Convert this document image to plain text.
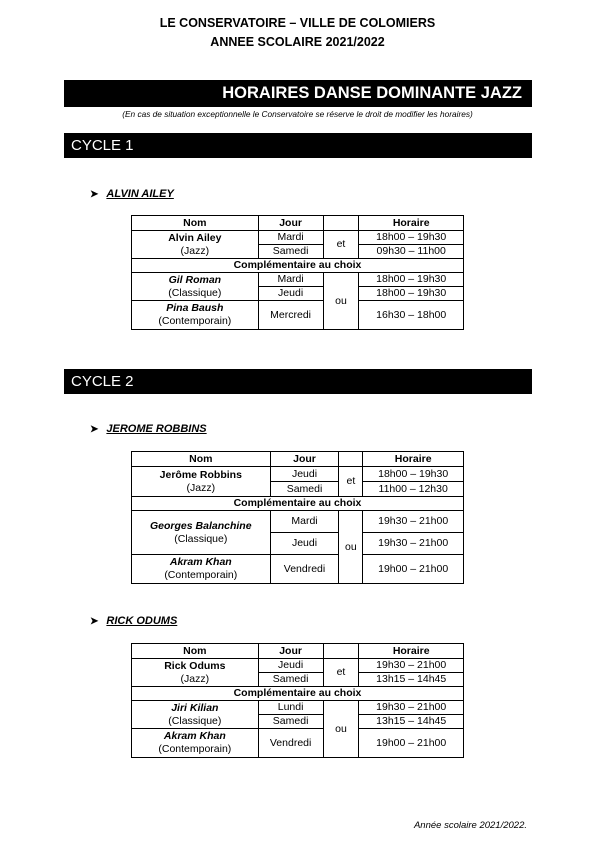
LE CONSERVATOIRE – VILLE DE COLOMIERS
ANNEE SCOLAIRE 2021/2022
HORAIRES DANSE DOMINANTE JAZZ
(En cas de situation exceptionnelle le Conservatoire se réserve le droit de modifier les horaires)
CYCLE 1
➤ ALVIN AILEY
Nom	Jour		Horaire

Alvin Ailey
(Jazz)	Mardi	et	18h00 – 19h30
	Samedi		09h30 – 11h00
Complémentaire au choix			

Gil Roman
(Classique)	Mardi	ou	18h00 – 19h30
	Jeudi		18h00 – 19h30

Pina Baush
(Contemporain)	Mercredi		16h30 – 18h00
CYCLE 2
➤ JEROME ROBBINS
Nom	Jour		Horaire

Jerôme Robbins
(Jazz)	Jeudi	et	18h00 – 19h30
	Samedi		11h00 – 12h30
Complémentaire au choix			

Georges Balanchine
(Classique)	Mardi	ou	19h30 – 21h00
	Jeudi		19h30 – 21h00

Akram Khan
(Contemporain)	Vendredi		19h00 – 21h00
➤ RICK ODUMS
Nom	Jour		Horaire

Rick Odums
(Jazz)	Jeudi	et	19h30 – 21h00
	Samedi		13h15 – 14h45
Complémentaire au choix			

Jiri Kilian
(Classique)	Lundi	ou	19h30 – 21h00
	Samedi		13h15 – 14h45

Akram Khan
(Contemporain)	Vendredi		19h00 – 21h00
Année scolaire 2021/2022.
